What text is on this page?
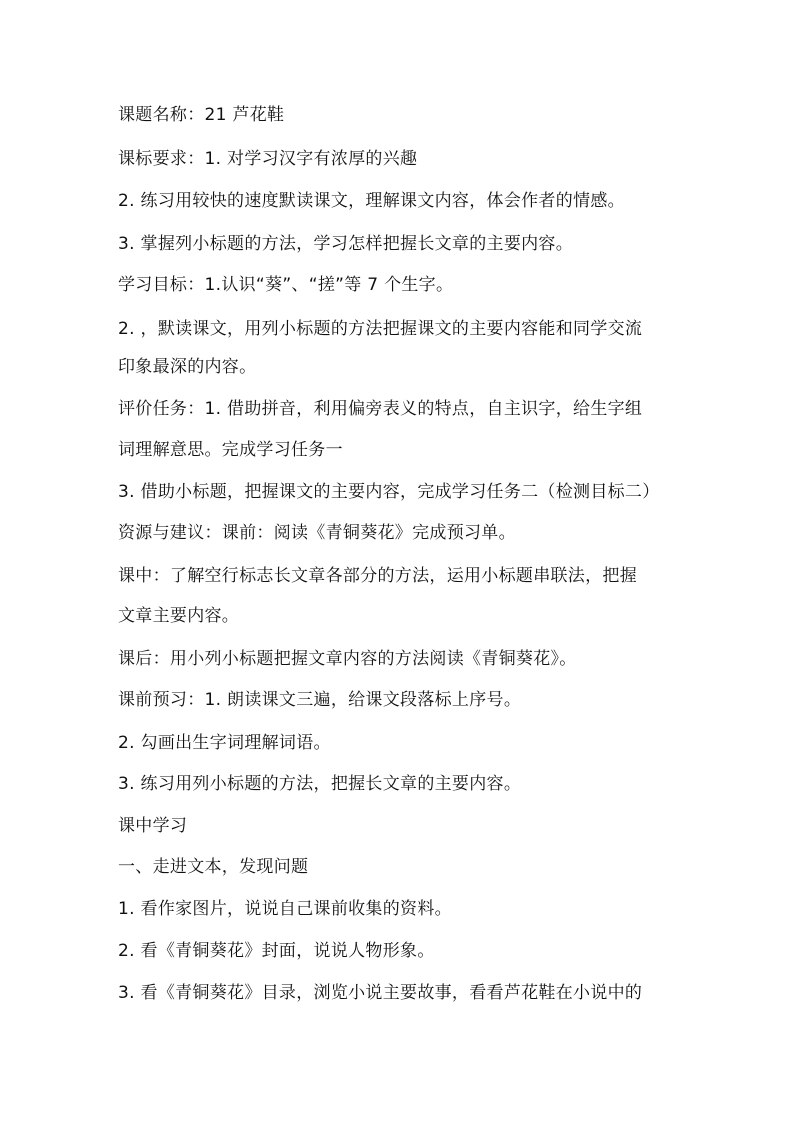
课题名称：21 芦花鞋
课标要求：1. 对学习汉字有浓厚的兴趣
2. 练习用较快的速度默读课文，理解课文内容，体会作者的情感。
3. 掌握列小标题的方法，学习怎样把握长文章的主要内容。
学习目标：1.认识“葵”、“搓”等 7 个生字。
2. ，默读课文，用列小标题的方法把握课文的主要内容能和同学交流
印象最深的内容。
评价任务：1. 借助拼音，利用偏旁表义的特点，自主识字，给生字组
词理解意思。完成学习任务一
3. 借助小标题，把握课文的主要内容，完成学习任务二（检测目标二）
资源与建议：课前：阅读《青铜葵花》完成预习单。
课中：了解空行标志长文章各部分的方法，运用小标题串联法，把握
文章主要内容。
课后：用小列小标题把握文章内容的方法阅读《青铜葵花》。
课前预习：1. 朗读课文三遍，给课文段落标上序号。
2. 勾画出生字词理解词语。
3. 练习用列小标题的方法，把握长文章的主要内容。
课中学习
一、走进文本，发现问题
1. 看作家图片，说说自己课前收集的资料。
2. 看《青铜葵花》封面，说说人物形象。
3. 看《青铜葵花》目录，浏览小说主要故事，看看芦花鞋在小说中的
